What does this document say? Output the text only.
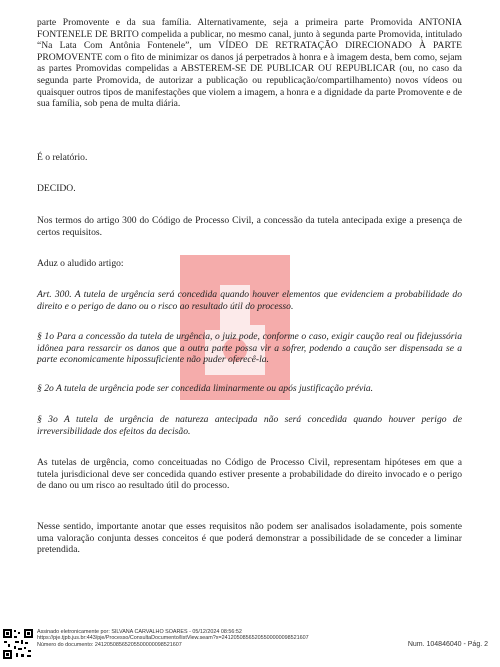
parte Promovente e da sua família. Alternativamente, seja a primeira parte Promovida ANTONIA FONTENELE DE BRITO compelida a publicar, no mesmo canal, junto à segunda parte Promovida, intitulado “Na Lata Com Antônia Fontenele”, um VÍDEO DE RETRATAÇÃO DIRECIONADO À PARTE PROMOVENTE com o fito de minimizar os danos já perpetrados à honra e à imagem desta, bem como, sejam as partes Promovidas compelidas a ABSTEREM-SE DE PUBLICAR OU REPUBLICAR (ou, no caso da segunda parte Promovida, de autorizar a publicação ou republicação/compartilhamento) novos vídeos ou quaisquer outros tipos de manifestações que violem a imagem, a honra e a dignidade da parte Promovente e de sua família, sob pena de multa diária.
É o relatório.
DECIDO.
Nos termos do artigo 300 do Código de Processo Civil, a concessão da tutela antecipada exige a presença de certos requisitos.
Aduz o aludido artigo:
Art. 300. A tutela de urgência será concedida quando houver elementos que evidenciem a probabilidade do direito e o perigo de dano ou o risco ao resultado útil do processo.
§ 1o Para a concessão da tutela de urgência, o juiz pode, conforme o caso, exigir caução real ou fidejussória idônea para ressarcir os danos que a outra parte possa vir a sofrer, podendo a caução ser dispensada se a parte economicamente hipossuficiente não puder oferecê-la.
§ 2o A tutela de urgência pode ser concedida liminarmente ou após justificação prévia.
§ 3o A tutela de urgência de natureza antecipada não será concedida quando houver perigo de irreversibilidade dos efeitos da decisão.
As tutelas de urgência, como conceituadas no Código de Processo Civil, representam hipóteses em que a tutela jurisdicional deve ser concedida quando estiver presente a probabilidade do direito invocado e o perigo de dano ou um risco ao resultado útil do processo.
Nesse sentido, importante anotar que esses requisitos não podem ser analisados isoladamente, pois somente uma valoração conjunta desses conceitos é que poderá demonstrar a possibilidade de se conceder a liminar pretendida.
Assinado eletronicamente por: SILVANA CARVALHO SOARES - 05/12/2024 08:56:52
https://pje.tjpb.jus.br:443/pje/Processo/ConsultaDocumento/listView.seam?x=24120508565205500000098521607
Número do documento: 24120508565205500000098521607	Num. 104846040 - Pág. 2
